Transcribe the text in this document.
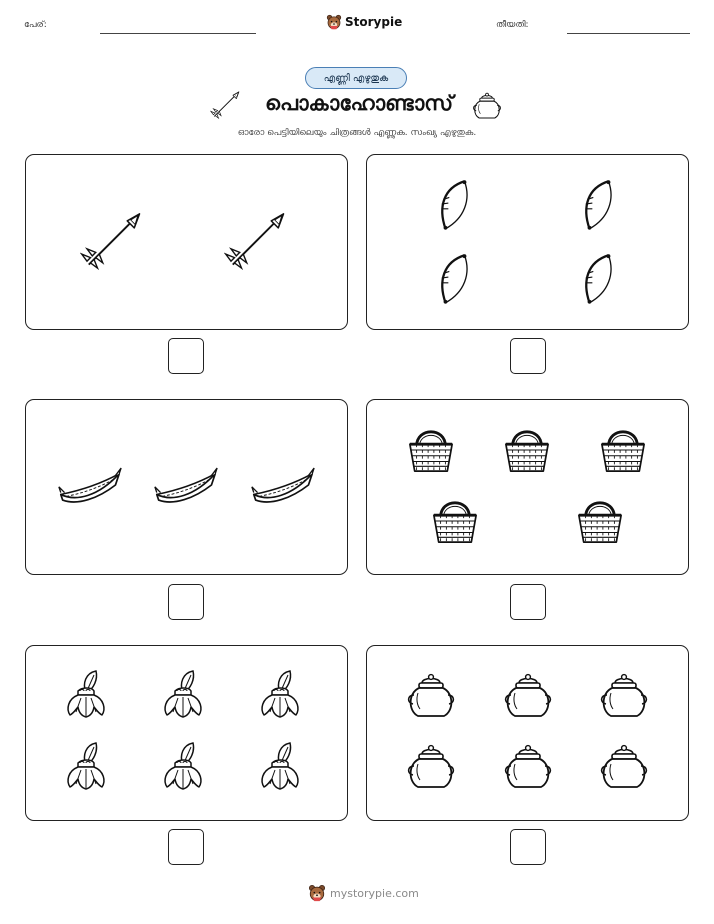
പേര്:	Storypie	തീയതി:
എണ്ണി എഴുതുക
പൊകാഹോണ്ടാസ്
ഓരോ പെട്ടിയിലെയും ചിത്രങ്ങൾ എണ്ണുക. സംഖ്യ എഴുതുക.
mystorypie.com
